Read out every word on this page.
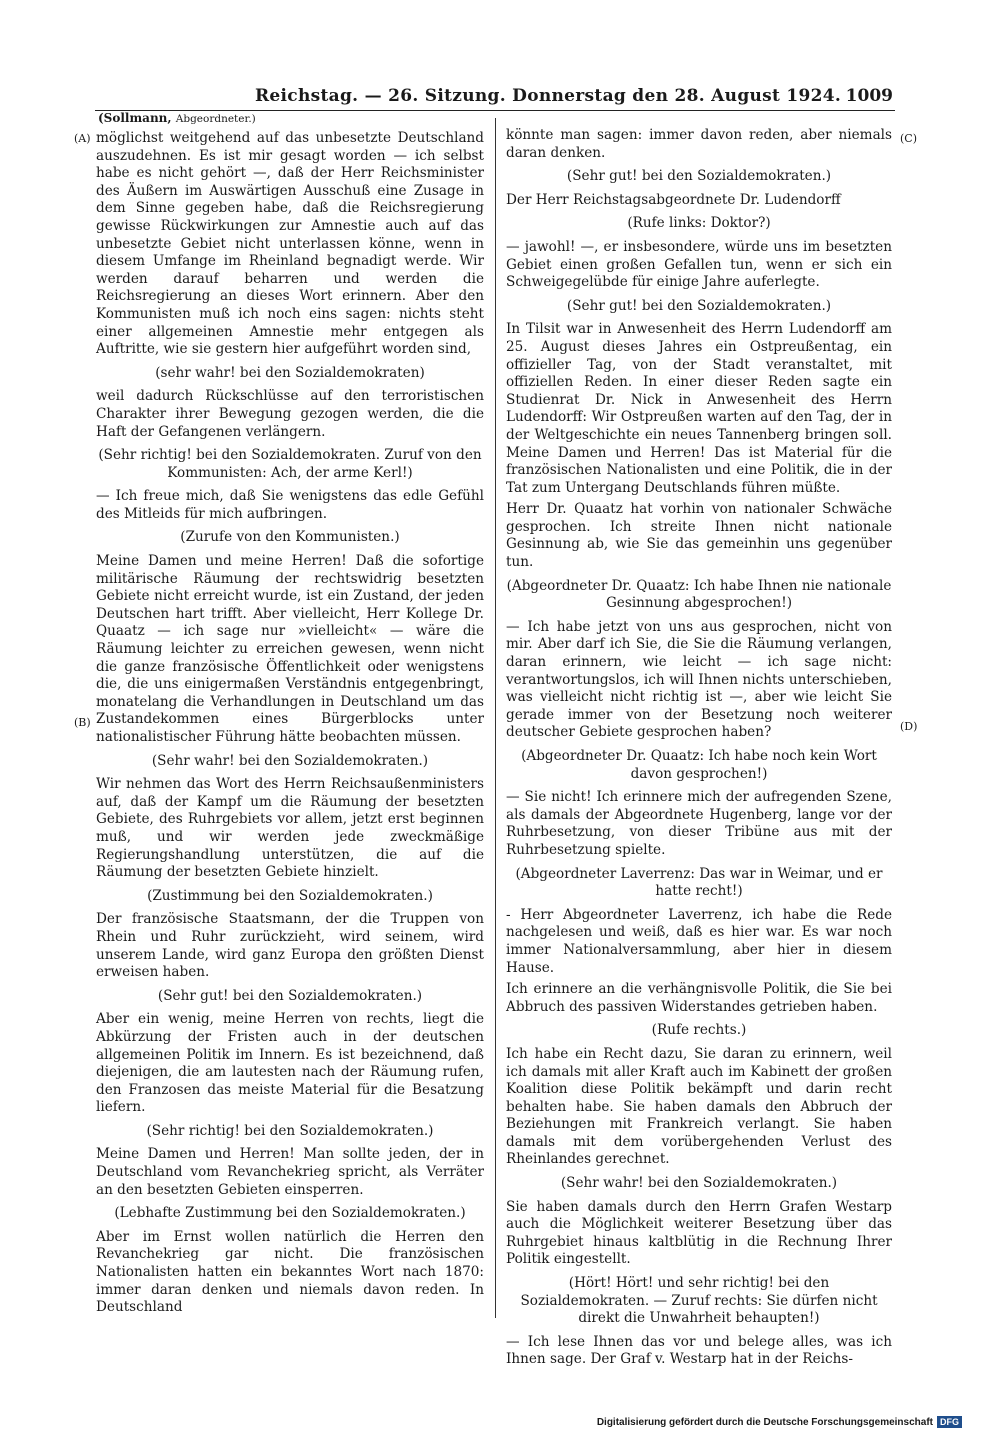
Reichstag. — 26. Sitzung. Donnerstag den 28. August 1924. 1009
(Sollmann, Abgeordneter.)
(A)
(B)
(C)
(D)

möglichst weitgehend auf das unbesetzte Deutschland auszudehnen. Es ist mir gesagt worden — ich selbst habe es nicht gehört —, daß der Herr Reichsminister des Äußern im Auswärtigen Ausschuß eine Zusage in dem Sinne gegeben habe, daß die Reichsregierung gewisse Rückwirkungen zur Amnestie auch auf das unbesetzte Gebiet nicht unterlassen könne, wenn in diesem Umfange im Rheinland begnadigt werde. Wir werden darauf beharren und werden die Reichsregierung an dieses Wort erinnern. Aber den Kommunisten muß ich noch eins sagen: nichts steht einer allgemeinen Amnestie mehr entgegen als Auftritte, wie sie gestern hier aufgeführt worden sind,

(sehr wahr! bei den Sozialdemokraten)

weil dadurch Rückschlüsse auf den terroristischen Charakter ihrer Bewegung gezogen werden, die die Haft der Gefangenen verlängern.

(Sehr richtig! bei den Sozialdemokraten. Zuruf von den Kommunisten: Ach, der arme Kerl!)

— Ich freue mich, daß Sie wenigstens das edle Gefühl des Mitleids für mich aufbringen.

(Zurufe von den Kommunisten.)

Meine Damen und meine Herren! Daß die sofortige militärische Räumung der rechtswidrig besetzten Gebiete nicht erreicht wurde, ist ein Zustand, der jeden Deutschen hart trifft. Aber vielleicht, Herr Kollege Dr. Quaatz — ich sage nur »vielleicht« — wäre die Räumung leichter zu erreichen gewesen, wenn nicht die ganze französische Öffentlichkeit oder wenigstens die, die uns einigermaßen Verständnis entgegenbringt, monatelang die Verhandlungen in Deutschland um das Zustandekommen eines Bürgerblocks unter nationalistischer Führung hätte beobachten müssen.

(Sehr wahr! bei den Sozialdemokraten.)

Wir nehmen das Wort des Herrn Reichsaußenministers auf, daß der Kampf um die Räumung der besetzten Gebiete, des Ruhrgebiets vor allem, jetzt erst beginnen muß, und wir werden jede zweckmäßige Regierungshandlung unterstützen, die auf die Räumung der besetzten Gebiete hinzielt.

(Zustimmung bei den Sozialdemokraten.)

Der französische Staatsmann, der die Truppen von Rhein und Ruhr zurückzieht, wird seinem, wird unserem Lande, wird ganz Europa den größten Dienst erweisen haben.

(Sehr gut! bei den Sozialdemokraten.)

Aber ein wenig, meine Herren von rechts, liegt die Abkürzung der Fristen auch in der deutschen allgemeinen Politik im Innern. Es ist bezeichnend, daß diejenigen, die am lautesten nach der Räumung rufen, den Franzosen das meiste Material für die Besatzung liefern.

(Sehr richtig! bei den Sozialdemokraten.)

Meine Damen und Herren! Man sollte jeden, der in Deutschland vom Revanchekrieg spricht, als Verräter an den besetzten Gebieten einsperren.

(Lebhafte Zustimmung bei den Sozialdemokraten.)

Aber im Ernst wollen natürlich die Herren den Revanchekrieg gar nicht. Die französischen Nationalisten hatten ein bekanntes Wort nach 1870: immer daran denken und niemals davon reden. In Deutschland

könnte man sagen: immer davon reden, aber niemals daran denken.

(Sehr gut! bei den Sozialdemokraten.)

Der Herr Reichstagsabgeordnete Dr. Ludendorff

(Rufe links: Doktor?)

— jawohl! —, er insbesondere, würde uns im besetzten Gebiet einen großen Gefallen tun, wenn er sich ein Schweigegelübde für einige Jahre auferlegte.

(Sehr gut! bei den Sozialdemokraten.)

In Tilsit war in Anwesenheit des Herrn Ludendorff am 25. August dieses Jahres ein Ostpreußentag, ein offizieller Tag, von der Stadt veranstaltet, mit offiziellen Reden. In einer dieser Reden sagte ein Studienrat Dr. Nick in Anwesenheit des Herrn Ludendorff: Wir Ostpreußen warten auf den Tag, der in der Weltgeschichte ein neues Tannenberg bringen soll. Meine Damen und Herren! Das ist Material für die französischen Nationalisten und eine Politik, die in der Tat zum Untergang Deutschlands führen müßte.

Herr Dr. Quaatz hat vorhin von nationaler Schwäche gesprochen. Ich streite Ihnen nicht nationale Gesinnung ab, wie Sie das gemeinhin uns gegenüber tun.

(Abgeordneter Dr. Quaatz: Ich habe Ihnen nie nationale Gesinnung abgesprochen!)

— Ich habe jetzt von uns aus gesprochen, nicht von mir. Aber darf ich Sie, die Sie die Räumung verlangen, daran erinnern, wie leicht — ich sage nicht: verantwortungslos, ich will Ihnen nichts unterschieben, was vielleicht nicht richtig ist —, aber wie leicht Sie gerade immer von der Besetzung noch weiterer deutscher Gebiete gesprochen haben?

(Abgeordneter Dr. Quaatz: Ich habe noch kein Wort davon gesprochen!)

— Sie nicht! Ich erinnere mich der aufregenden Szene, als damals der Abgeordnete Hugenberg, lange vor der Ruhrbesetzung, von dieser Tribüne aus mit der Ruhrbesetzung spielte.

(Abgeordneter Laverrenz: Das war in Weimar, und er hatte recht!)

- Herr Abgeordneter Laverrenz, ich habe die Rede nachgelesen und weiß, daß es hier war. Es war noch immer Nationalversammlung, aber hier in diesem Hause.

Ich erinnere an die verhängnisvolle Politik, die Sie bei Abbruch des passiven Widerstandes getrieben haben.

(Rufe rechts.)

Ich habe ein Recht dazu, Sie daran zu erinnern, weil ich damals mit aller Kraft auch im Kabinett der großen Koalition diese Politik bekämpft und darin recht behalten habe. Sie haben damals den Abbruch der Beziehungen mit Frankreich verlangt. Sie haben damals mit dem vorübergehenden Verlust des Rheinlandes gerechnet.

(Sehr wahr! bei den Sozialdemokraten.)

Sie haben damals durch den Herrn Grafen Westarp auch die Möglichkeit weiterer Besetzung über das Ruhrgebiet hinaus kaltblütig in die Rechnung Ihrer Politik eingestellt.

(Hört! Hört! und sehr richtig! bei den Sozialdemokraten. — Zuruf rechts: Sie dürfen nicht direkt die Unwahrheit behaupten!)

— Ich lese Ihnen das vor und belege alles, was ich Ihnen sage. Der Graf v. Westarp hat in der Reichs-

Digitalisierung gefördert durch die Deutsche Forschungsgemeinschaft DFG
